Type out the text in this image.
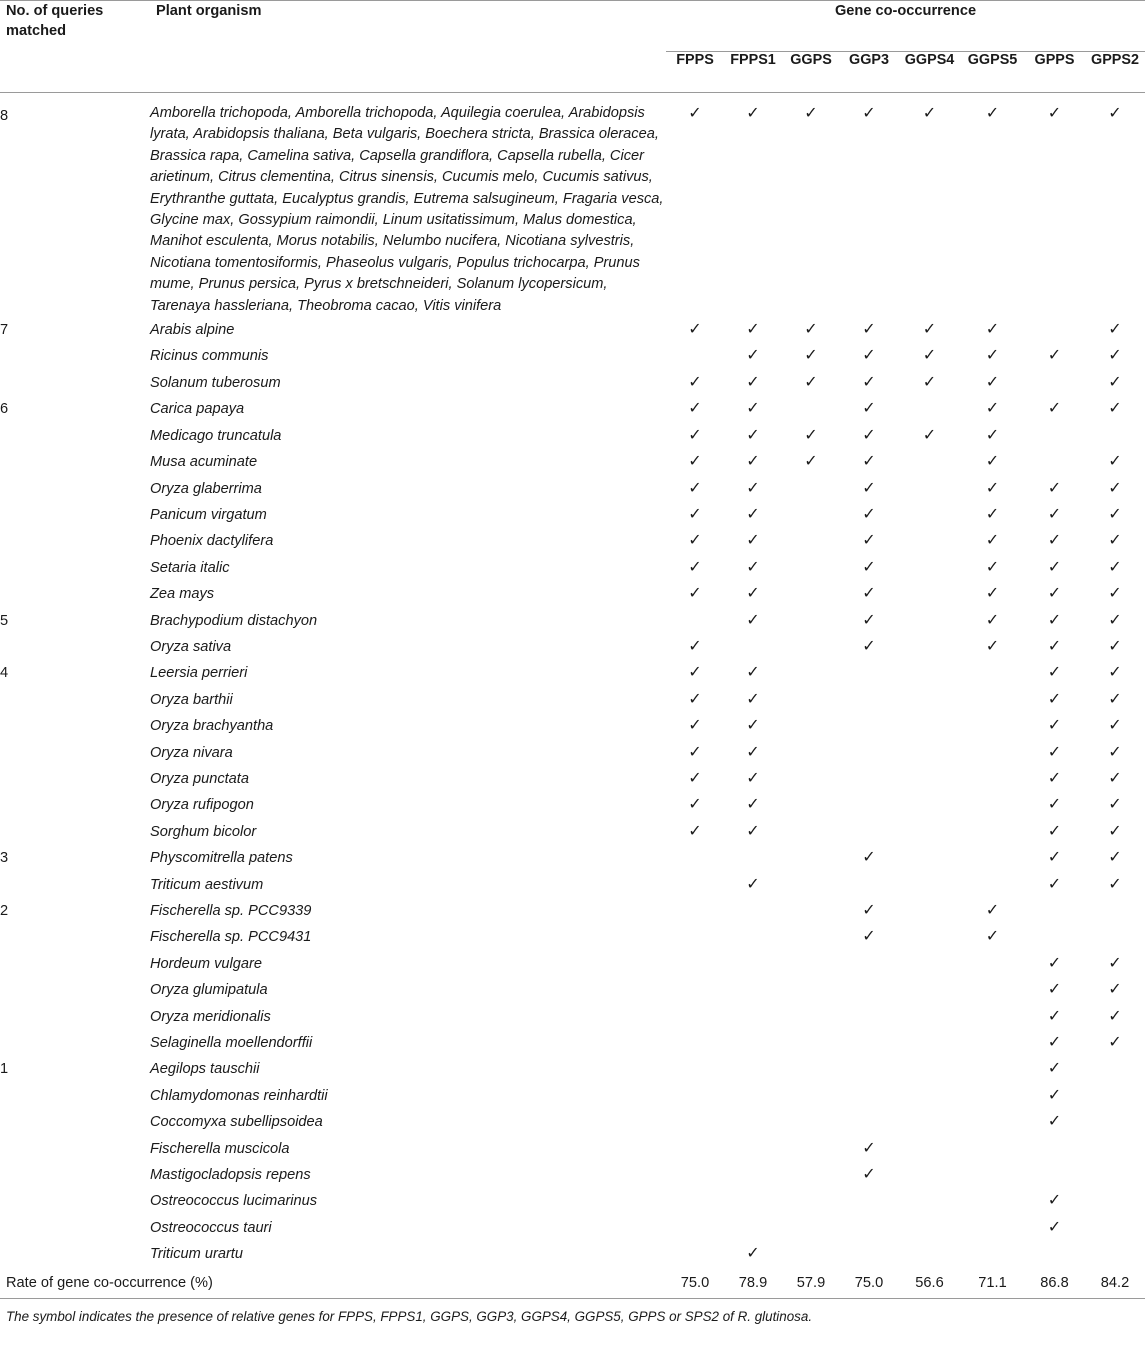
No. of queries matched	Plant organism	Gene co-occurrence							
		FPPS	FPPS1	GGPS	GGP3	GGPS4	GGPS5	GPPS	GPPS2
8	Amborella trichopoda, Amborella trichopoda, Aquilegia coerulea, Arabidopsis lyrata, Arabidopsis thaliana, Beta vulgaris, Boechera stricta, Brassica oleracea, Brassica rapa, Camelina sativa, Capsella grandiflora, Capsella rubella, Cicer arietinum, Citrus clementina, Citrus sinensis, Cucumis melo, Cucumis sativus, Erythranthe guttata, Eucalyptus grandis, Eutrema salsugineum, Fragaria vesca, Glycine max, Gossypium raimondii, Linum usitatissimum, Malus domestica, Manihot esculenta, Morus notabilis, Nelumbo nucifera, Nicotiana sylvestris, Nicotiana tomentosiformis, Phaseolus vulgaris, Populus trichocarpa, Prunus mume, Prunus persica, Pyrus x bretschneideri, Solanum lycopersicum, Tarenaya hassleriana, Theobroma cacao, Vitis vinifera	✓	✓	✓	✓	✓	✓	✓	✓
7	Arabis alpine	✓	✓	✓	✓	✓	✓		✓
	Ricinus communis		✓	✓	✓	✓	✓	✓	✓
	Solanum tuberosum	✓	✓	✓	✓	✓	✓		✓
6	Carica papaya	✓	✓		✓		✓	✓	✓
	Medicago truncatula	✓	✓	✓	✓	✓	✓		
	Musa acuminate	✓	✓	✓	✓		✓		✓
	Oryza glaberrima	✓	✓		✓		✓	✓	✓
	Panicum virgatum	✓	✓		✓		✓	✓	✓
	Phoenix dactylifera	✓	✓		✓		✓	✓	✓
	Setaria italic	✓	✓		✓		✓	✓	✓
	Zea mays	✓	✓		✓		✓	✓	✓
5	Brachypodium distachyon		✓		✓		✓	✓	✓
	Oryza sativa	✓			✓		✓	✓	✓
4	Leersia perrieri	✓	✓					✓	✓
	Oryza barthii	✓	✓					✓	✓
	Oryza brachyantha	✓	✓					✓	✓
	Oryza nivara	✓	✓					✓	✓
	Oryza punctata	✓	✓					✓	✓
	Oryza rufipogon	✓	✓					✓	✓
	Sorghum bicolor	✓	✓					✓	✓
3	Physcomitrella patens				✓			✓	✓
	Triticum aestivum		✓					✓	✓
2	Fischerella sp. PCC9339				✓		✓		
	Fischerella sp. PCC9431				✓		✓		
	Hordeum vulgare							✓	✓
	Oryza glumipatula							✓	✓
	Oryza meridionalis							✓	✓
	Selaginella moellendorffii							✓	✓
1	Aegilops tauschii							✓	
	Chlamydomonas reinhardtii							✓	
	Coccomyxa subellipsoidea							✓	
	Fischerella muscicola				✓				
	Mastigocladopsis repens				✓				
	Ostreococcus lucimarinus							✓	
	Ostreococcus tauri							✓	
	Triticum urartu		✓						
Rate of gene co-occurrence (%)		75.0	78.9	57.9	75.0	56.6	71.1	86.8	84.2
The symbol indicates the presence of relative genes for FPPS, FPPS1, GGPS, GGP3, GGPS4, GGPS5, GPPS or SPS2 of R. glutinosa.
